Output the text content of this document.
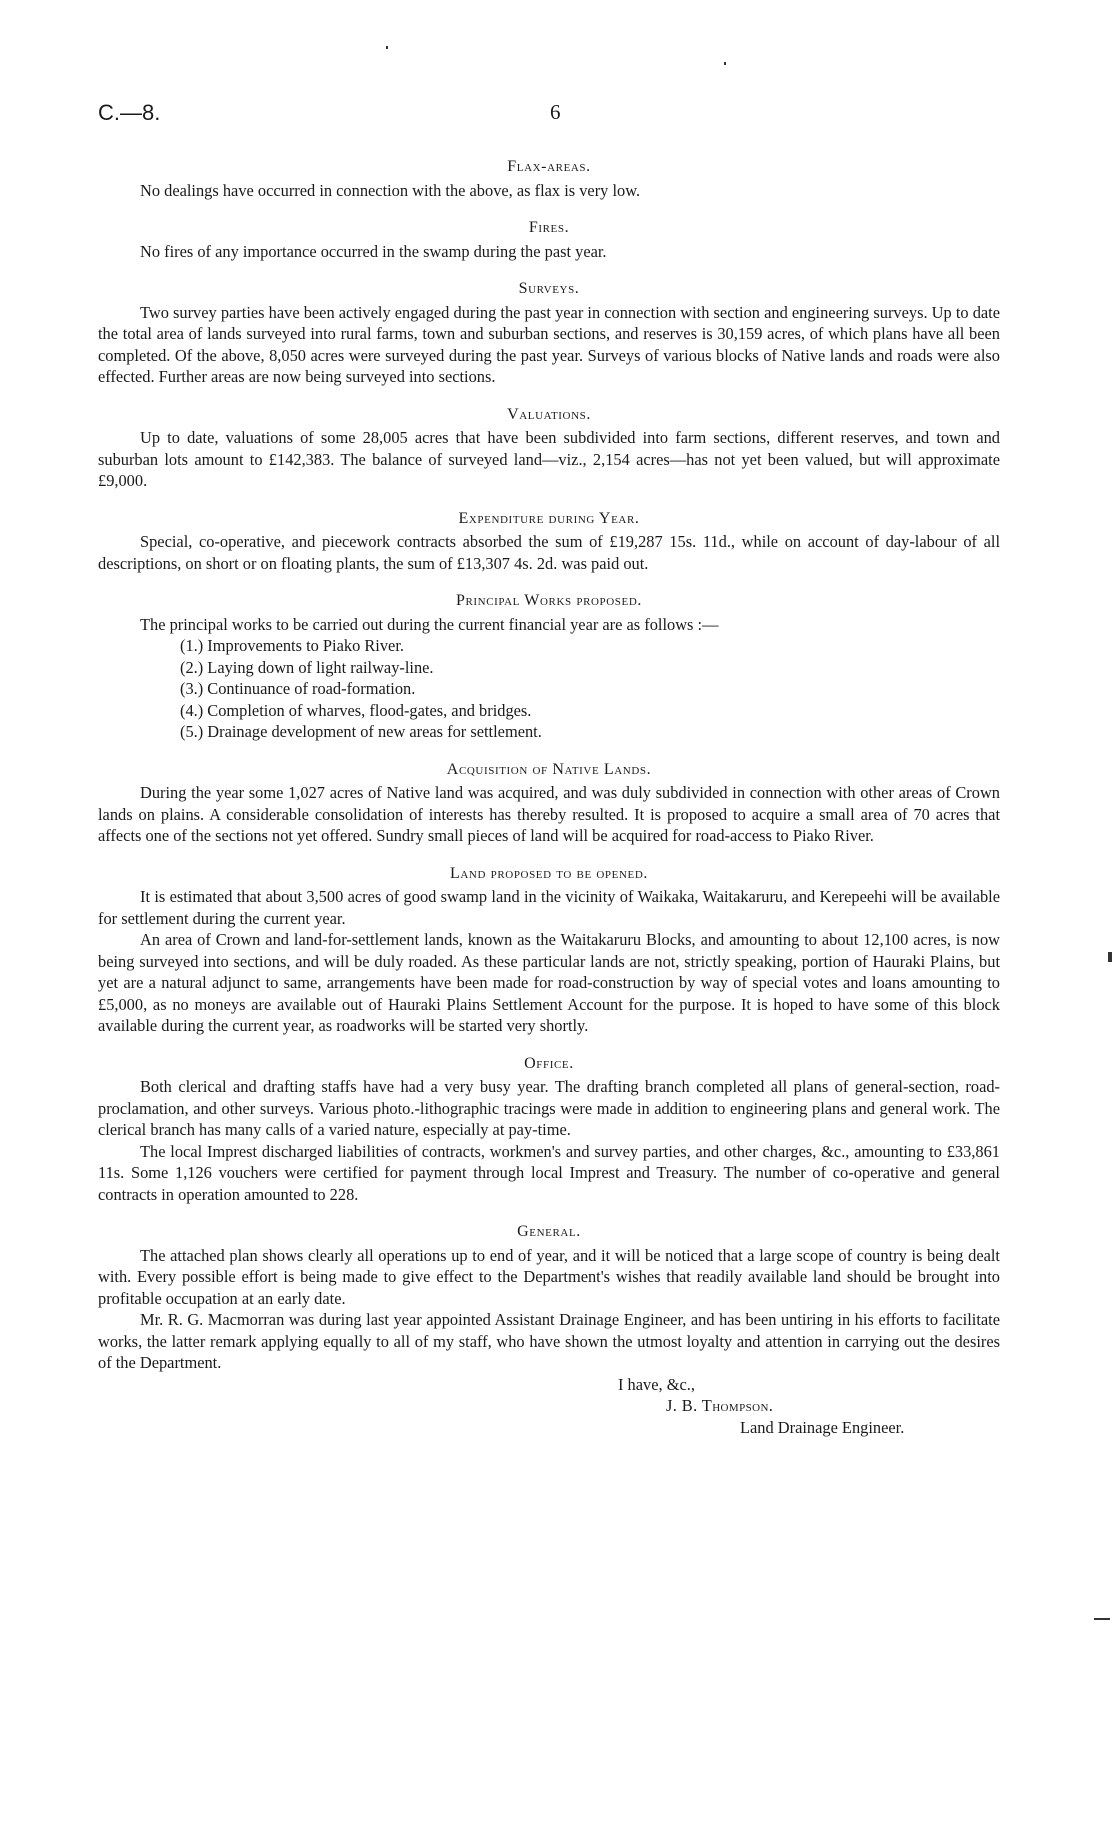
C.—8.	6
Flax-areas.

No dealings have occurred in connection with the above, as flax is very low.

Fires.

No fires of any importance occurred in the swamp during the past year.

Surveys.

Two survey parties have been actively engaged during the past year in connection with section and engineering surveys. Up to date the total area of lands surveyed into rural farms, town and suburban sections, and reserves is 30,159 acres, of which plans have all been completed. Of the above, 8,050 acres were surveyed during the past year. Surveys of various blocks of Native lands and roads were also effected. Further areas are now being surveyed into sections.

Valuations.

Up to date, valuations of some 28,005 acres that have been subdivided into farm sections, different reserves, and town and suburban lots amount to £142,383. The balance of surveyed land—viz., 2,154 acres—has not yet been valued, but will approximate £9,000.

Expenditure during Year.

Special, co-operative, and piecework contracts absorbed the sum of £19,287 15s. 11d., while on account of day-labour of all descriptions, on short or on floating plants, the sum of £13,307 4s. 2d. was paid out.

Principal Works proposed.

The principal works to be carried out during the current financial year are as follows :—

(1.) Improvements to Piako River.
(2.) Laying down of light railway-line.
(3.) Continuance of road-formation.
(4.) Completion of wharves, flood-gates, and bridges.
(5.) Drainage development of new areas for settlement.
Acquisition of Native Lands.

During the year some 1,027 acres of Native land was acquired, and was duly subdivided in connection with other areas of Crown lands on plains. A considerable consolidation of interests has thereby resulted. It is proposed to acquire a small area of 70 acres that affects one of the sections not yet offered. Sundry small pieces of land will be acquired for road-access to Piako River.

Land proposed to be opened.

It is estimated that about 3,500 acres of good swamp land in the vicinity of Waikaka, Waitakaruru, and Kerepeehi will be available for settlement during the current year.

An area of Crown and land-for-settlement lands, known as the Waitakaruru Blocks, and amounting to about 12,100 acres, is now being surveyed into sections, and will be duly roaded. As these particular lands are not, strictly speaking, portion of Hauraki Plains, but yet are a natural adjunct to same, arrangements have been made for road-construction by way of special votes and loans amounting to £5,000, as no moneys are available out of Hauraki Plains Settlement Account for the purpose. It is hoped to have some of this block available during the current year, as roadworks will be started very shortly.

Office.

Both clerical and drafting staffs have had a very busy year. The drafting branch completed all plans of general-section, road-proclamation, and other surveys. Various photo.-lithographic tracings were made in addition to engineering plans and general work. The clerical branch has many calls of a varied nature, especially at pay-time.

The local Imprest discharged liabilities of contracts, workmen's and survey parties, and other charges, &c., amounting to £33,861 11s. Some 1,126 vouchers were certified for payment through local Imprest and Treasury. The number of co-operative and general contracts in operation amounted to 228.

General.

The attached plan shows clearly all operations up to end of year, and it will be noticed that a large scope of country is being dealt with. Every possible effort is being made to give effect to the Department's wishes that readily available land should be brought into profitable occupation at an early date.

Mr. R. G. Macmorran was during last year appointed Assistant Drainage Engineer, and has been untiring in his efforts to facilitate works, the latter remark applying equally to all of my staff, who have shown the utmost loyalty and attention in carrying out the desires of the Department.

I have, &c.,
J. B. Thompson.
Land Drainage Engineer.
